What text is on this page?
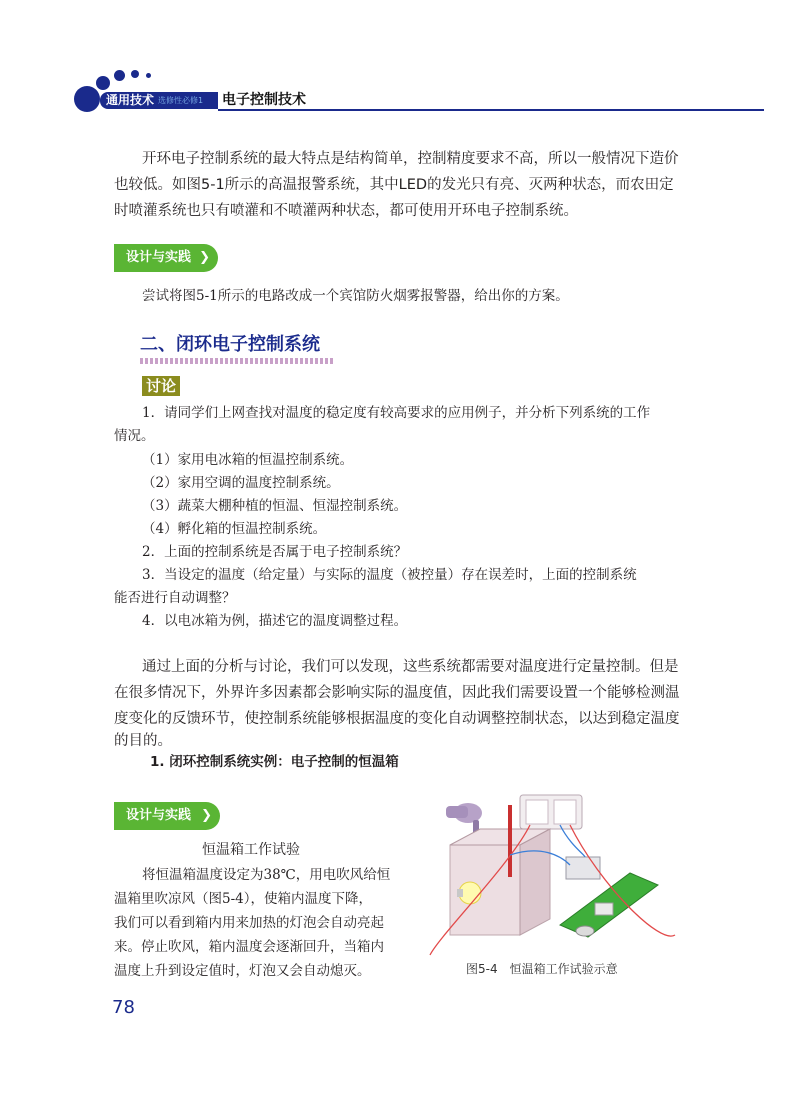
通用技术 选修性必修1 电子控制技术
开环电子控制系统的最大特点是结构简单，控制精度要求不高，所以一般情况下造价
也较低。如图5-1所示的高温报警系统，其中LED的发光只有亮、灭两种状态，而农田定
时喷灌系统也只有喷灌和不喷灌两种状态，都可使用开环电子控制系统。
设计与实践 ❯
尝试将图5-1所示的电路改成一个宾馆防火烟雾报警器，给出你的方案。
二、闭环电子控制系统
讨论
1．请同学们上网查找对温度的稳定度有较高要求的应用例子，并分析下列系统的工作
情况。
（1）家用电冰箱的恒温控制系统。
（2）家用空调的温度控制系统。
（3）蔬菜大棚种植的恒温、恒湿控制系统。
（4）孵化箱的恒温控制系统。
2．上面的控制系统是否属于电子控制系统？
3．当设定的温度（给定量）与实际的温度（被控量）存在误差时，上面的控制系统
能否进行自动调整？
4．以电冰箱为例，描述它的温度调整过程。
通过上面的分析与讨论，我们可以发现，这些系统都需要对温度进行定量控制。但是
在很多情况下，外界许多因素都会影响实际的温度值，因此我们需要设置一个能够检测温
度变化的反馈环节，使控制系统能够根据温度的变化自动调整控制状态，以达到稳定温度
的目的。
1. 闭环控制系统实例：电子控制的恒温箱
设计与实践 ❯
恒温箱工作试验
将恒温箱温度设定为38℃，用电吹风给恒
温箱里吹凉风（图5-4），使箱内温度下降，
我们可以看到箱内用来加热的灯泡会自动亮起
来。停止吹风，箱内温度会逐渐回升，当箱内
温度上升到设定值时，灯泡又会自动熄灭。	图5-4　恒温箱工作试验示意
78
